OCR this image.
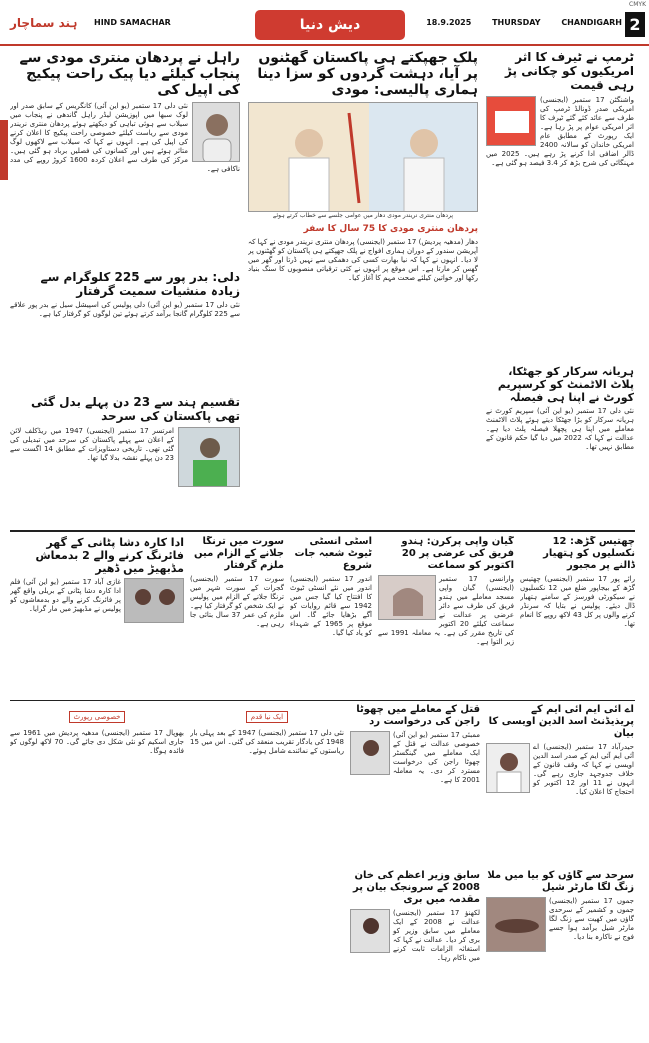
CMYK
ہند سماچار HIND SAMACHAR	دیش دنیا	18.9.2025	THURSDAY	CHANDIGARH 2
راہل نے پردھان منتری مودی سے پنجاب کیلئے دیا پیک راحت پیکیج کی اپیل کی
نئی دلی 17 ستمبر (یو این آئی) کانگریس کے سابق صدر اور لوک سبھا میں اپوزیشن لیڈر راہل گاندھی نے پنجاب میں سیلاب سے ہوئی تباہی کو دیکھتے ہوئے پردھان منتری نریندر مودی سے ریاست کیلئے خصوصی راحت پیکیج کا اعلان کرنے کی اپیل کی ہے۔ انہوں نے کہا کہ سیلاب سے لاکھوں لوگ متاثر ہوئے ہیں اور کسانوں کی فصلیں برباد ہو گئی ہیں۔ مرکز کی طرف سے اعلان کردہ 1600 کروڑ روپے کی مدد ناکافی ہے۔
دلی: بدر پور سے 225 کلوگرام سے زیادہ منشیات سمیت گرفتار
نئی دلی 17 ستمبر (یو این آئی) دلی پولیس کی اسپیشل سیل نے بدر پور علاقے سے 225 کلوگرام گانجا برآمد کرتے ہوئے تین لوگوں کو گرفتار کیا ہے۔
تقسیم ہند سے 23 دن پہلے بدل گئی تھی پاکستان کی سرحد
امرتسر 17 ستمبر (ایجنسی) 1947 میں ریڈکلف لائن کے اعلان سے پہلے پاکستان کی سرحد میں تبدیلی کی گئی تھی۔ تاریخی دستاویزات کے مطابق 14 اگست سے 23 دن پہلے نقشہ بدلا گیا تھا۔
پلک جھپکتے ہی پاکستان گھٹنوں پر آیا، دہشت گردوں کو سزا دینا ہماری پالیسی: مودی
پردھان منتری نریندر مودی دھار میں عوامی جلسے سے خطاب کرتے ہوئے
پردھان منتری مودی کا 75 سال کا سفر
دھار (مدھیہ پردیش) 17 ستمبر (ایجنسی) پردھان منتری نریندر مودی نے کہا کہ آپریشن سندور کے دوران ہماری افواج نے پلک جھپکتے ہی پاکستان کو گھٹنوں پر لا دیا۔ انہوں نے کہا کہ نیا بھارت کسی کی دھمکی سے نہیں ڈرتا اور گھر میں گھس کر مارتا ہے۔ اس موقع پر انہوں نے کئی ترقیاتی منصوبوں کا سنگ بنیاد رکھا اور خواتین کیلئے صحت مہم کا آغاز کیا۔
ٹرمپ نے ٹیرف کا اثر امریکیوں کو چکانی پڑ رہی قیمت
واشنگٹن 17 ستمبر (ایجنسی) امریکی صدر ڈونالڈ ٹرمپ کی طرف سے عائد کئے گئے ٹیرف کا اثر امریکی عوام پر پڑ رہا ہے۔ ایک رپورٹ کے مطابق عام امریکی خاندان کو سالانہ 2400 ڈالر اضافی ادا کرنے پڑ رہے ہیں۔ 2025 میں مہنگائی کی شرح بڑھ کر 3.4 فیصد ہو گئی ہے۔
ہریانہ سرکار کو جھٹکا، پلاٹ الاٹمنٹ کو کرسپریم کورٹ نے اپنا ہی فیصلہ
نئی دلی 17 ستمبر (یو این آئی) سپریم کورٹ نے ہریانہ سرکار کو بڑا جھٹکا دیتے ہوئے پلاٹ الاٹمنٹ معاملے میں اپنا ہی پچھلا فیصلہ پلٹ دیا ہے۔ عدالت نے کہا کہ 2022 میں دیا گیا حکم قانون کے مطابق نہیں تھا۔
چھتیس گڑھ: 12 نکسلیوں کو ہتھیار ڈالنے پر مجبور
رائے پور 17 ستمبر (ایجنسی) چھتیس گڑھ کے بیجاپور ضلع میں 12 نکسلیوں نے سیکورٹی فورسز کے سامنے ہتھیار ڈال دیئے۔ پولیس نے بتایا کہ سرنڈر کرنے والوں پر کل 43 لاکھ روپے کا انعام تھا۔
گیان واپی پرکرن: ہندو فریق کی عرضی پر 20 اکتوبر کو سماعت
وارانسی 17 ستمبر (ایجنسی) گیان واپی مسجد معاملے میں ہندو فریق کی طرف سے دائر عرضی پر عدالت نے سماعت کیلئے 20 اکتوبر کی تاریخ مقرر کی ہے۔ یہ معاملہ 1991 سے زیر التوا ہے۔
اسٹی انسٹی ٹیوٹ شعبہ جات شروع
اندور 17 ستمبر (ایجنسی) اندور میں نئے انسٹی ٹیوٹ کا افتتاح کیا گیا جس میں 1942 سے قائم روایات کو آگے بڑھایا جائے گا۔ اس موقع پر 1965 کے شہداء کو یاد کیا گیا۔
سورت میں ترنگا جلانے کے الزام میں ملزم گرفتار
سورت 17 ستمبر (ایجنسی) گجرات کے سورت شہر میں ترنگا جلانے کے الزام میں پولیس نے ایک شخص کو گرفتار کیا ہے۔ ملزم کی عمر 37 سال بتائی جا رہی ہے۔
ادا کارہ دشا پٹانی کے گھر فائرنگ کرنے والے 2 بدمعاش مڈبھیڑ میں ڈھیر
غازی آباد 17 ستمبر (یو این آئی) فلم ادا کارہ دشا پٹانی کے بریلی واقع گھر پر فائرنگ کرنے والے دو بدمعاشوں کو پولیس نے مڈبھیڑ میں مار گرایا۔
اے آئی ایم آئی ایم کے پریذیڈنٹ اسد الدین اویسی کا بیان
حیدرآباد 17 ستمبر (ایجنسی) اے آئی ایم آئی ایم کے صدر اسد الدین اویسی نے کہا کہ وقف قانون کے خلاف جدوجہد جاری رہے گی۔ انہوں نے 11 اور 12 اکتوبر کو احتجاج کا اعلان کیا۔
سرحد سے گاؤں کو بیا میں ملا زنگ لگا مارٹر شیل
جموں 17 ستمبر (ایجنسی) جموں و کشمیر کے سرحدی گاؤں میں کھیت سے زنگ لگا مارٹر شیل برآمد ہوا جسے فوج نے ناکارہ بنا دیا۔
قتل کے معاملے میں چھوٹا راجن کی درخواست رد
ممبئی 17 ستمبر (یو این آئی) خصوصی عدالت نے قتل کے ایک معاملے میں گینگسٹر چھوٹا راجن کی درخواست مسترد کر دی۔ یہ معاملہ 2001 کا ہے۔
سابق وزیر اعظم کی خان 2008 کے سرونجک بیان پر مقدمہ میں بری
لکھنؤ 17 ستمبر (ایجنسی) عدالت نے 2008 کے ایک معاملے میں سابق وزیر کو بری کر دیا۔ عدالت نے کہا کہ استغاثہ الزامات ثابت کرنے میں ناکام رہا۔
ایک نیا قدم
نئی دلی 17 ستمبر (ایجنسی) 1947 کے بعد پہلی بار 1948 کی یادگار تقریب منعقد کی گئی۔ اس میں 15 ریاستوں کے نمائندے شامل ہوئے۔
خصوصی رپورٹ
بھوپال 17 ستمبر (ایجنسی) مدھیہ پردیش میں 1961 سے جاری اسکیم کو نئی شکل دی جائے گی۔ 70 لاکھ لوگوں کو فائدہ ہوگا۔
